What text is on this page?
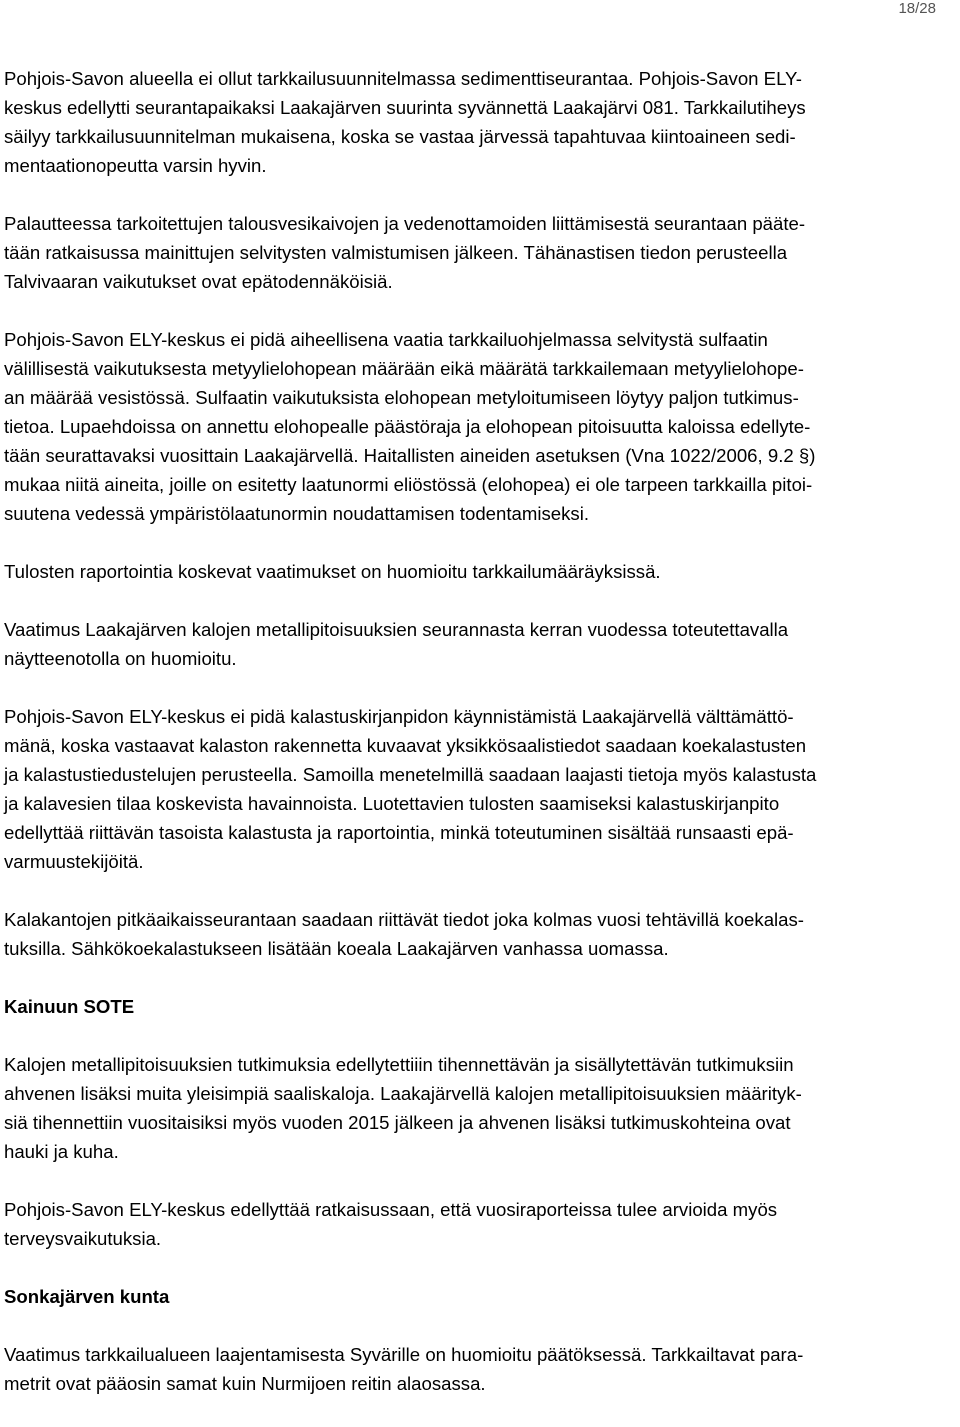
18/28
Pohjois-Savon alueella ei ollut tarkkailusuunnitelmassa sedimenttiseurantaa. Pohjois-Savon ELY-
keskus edellytti seurantapaikaksi Laakajärven suurinta syvännettä Laakajärvi 081. Tarkkailutiheys
säilyy tarkkailusuunnitelman mukaisena, koska se vastaa järvessä tapahtuvaa kiintoaineen sedi-
mentaationopeutta varsin hyvin.
Palautteessa tarkoitettujen talousvesikaivojen ja vedenottamoiden liittämisestä seurantaan pääte-
tään ratkaisussa mainittujen selvitysten valmistumisen jälkeen. Tähänastisen tiedon perusteella
Talvivaaran vaikutukset ovat epätodennäköisiä.
Pohjois-Savon ELY-keskus ei pidä aiheellisena vaatia tarkkailuohjelmassa selvitystä sulfaatin
välillisestä vaikutuksesta metyylielohopean määrään eikä määrätä tarkkailemaan metyylielohope-
an määrää vesistössä. Sulfaatin vaikutuksista elohopean metyloitumiseen löytyy paljon tutkimus-
tietoa. Lupaehdoissa on annettu elohopealle päästöraja ja elohopean pitoisuutta kaloissa edellyte-
tään seurattavaksi vuosittain Laakajärvellä. Haitallisten aineiden asetuksen (Vna 1022/2006, 9.2 §)
mukaa niitä aineita, joille on esitetty laatunormi eliöstössä (elohopea) ei ole tarpeen tarkkailla pitoi-
suutena vedessä ympäristölaatunormin noudattamisen todentamiseksi.
Tulosten raportointia koskevat vaatimukset on huomioitu tarkkailumääräyksissä.
Vaatimus Laakajärven kalojen metallipitoisuuksien seurannasta kerran vuodessa toteutettavalla
näytteenotolla on huomioitu.
Pohjois-Savon ELY-keskus ei pidä kalastuskirjanpidon käynnistämistä Laakajärvellä välttämättö-
mänä, koska vastaavat kalaston rakennetta kuvaavat yksikkösaalistiedot saadaan koekalastusten
ja kalastustiedustelujen perusteella. Samoilla menetelmillä saadaan laajasti tietoja myös kalastusta
ja kalavesien tilaa koskevista havainnoista. Luotettavien tulosten saamiseksi kalastuskirjanpito
edellyttää riittävän tasoista kalastusta ja raportointia, minkä toteutuminen sisältää runsaasti epä-
varmuustekijöitä.
Kalakantojen pitkäaikaisseurantaan saadaan riittävät tiedot joka kolmas vuosi tehtävillä koekalas-
tuksilla. Sähkökoekalastukseen lisätään koeala Laakajärven vanhassa uomassa.
Kainuun SOTE
Kalojen metallipitoisuuksien tutkimuksia edellytettiiin tihennettävän ja sisällytettävän tutkimuksiin
ahvenen lisäksi muita yleisimpiä saaliskaloja. Laakajärvellä kalojen metallipitoisuuksien määrityk-
siä tihennettiin vuositaisiksi myös vuoden 2015 jälkeen ja ahvenen lisäksi tutkimuskohteina ovat
hauki ja kuha.
Pohjois-Savon ELY-keskus edellyttää ratkaisussaan, että vuosiraporteissa tulee arvioida myös
terveysvaikutuksia.
Sonkajärven kunta
Vaatimus tarkkailualueen laajentamisesta Syvärille on huomioitu päätöksessä. Tarkkailtavat para-
metrit ovat pääosin samat kuin Nurmijoen reitin alaosassa.
